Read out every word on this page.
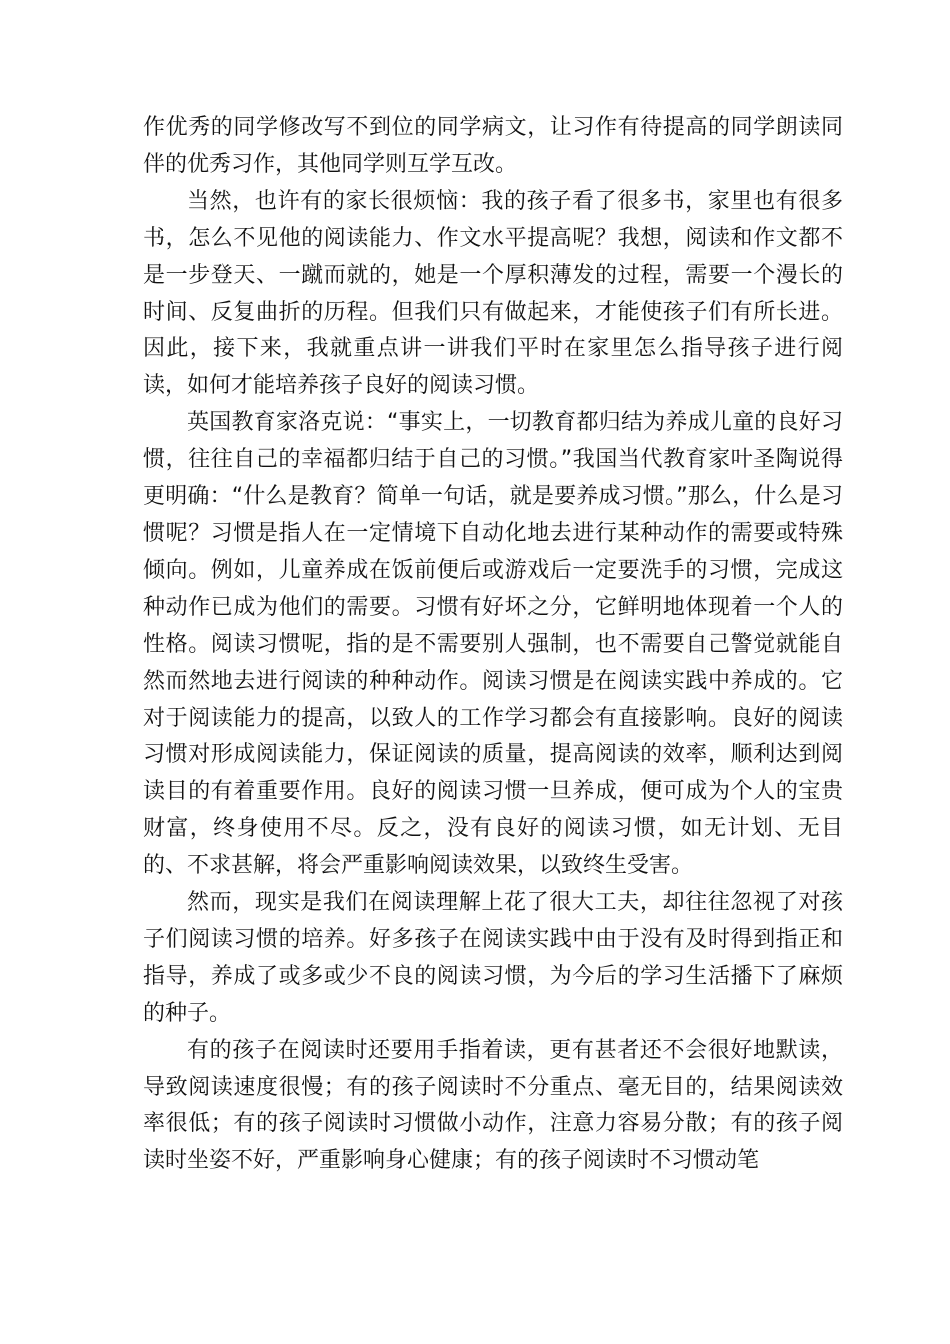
作优秀的同学修改写不到位的同学病文，让习作有待提高的同学朗读同伴的优秀习作，其他同学则互学互改。

当然，也许有的家长很烦恼：我的孩子看了很多书，家里也有很多书，怎么不见他的阅读能力、作文水平提高呢？我想，阅读和作文都不是一步登天、一蹴而就的，她是一个厚积薄发的过程，需要一个漫长的时间、反复曲折的历程。但我们只有做起来，才能使孩子们有所长进。因此，接下来，我就重点讲一讲我们平时在家里怎么指导孩子进行阅读，如何才能培养孩子良好的阅读习惯。

英国教育家洛克说：“事实上，一切教育都归结为养成儿童的良好习惯，往往自己的幸福都归结于自己的习惯。”我国当代教育家叶圣陶说得更明确：“什么是教育？简单一句话，就是要养成习惯。”那么，什么是习惯呢？习惯是指人在一定情境下自动化地去进行某种动作的需要或特殊倾向。例如，儿童养成在饭前便后或游戏后一定要洗手的习惯，完成这种动作已成为他们的需要。习惯有好坏之分，它鲜明地体现着一个人的性格。阅读习惯呢，指的是不需要别人强制，也不需要自己警觉就能自然而然地去进行阅读的种种动作。阅读习惯是在阅读实践中养成的。它对于阅读能力的提高，以致人的工作学习都会有直接影响。良好的阅读习惯对形成阅读能力，保证阅读的质量，提高阅读的效率，顺利达到阅读目的有着重要作用。良好的阅读习惯一旦养成，便可成为个人的宝贵财富，终身使用不尽。反之，没有良好的阅读习惯，如无计划、无目的、不求甚解，将会严重影响阅读效果，以致终生受害。

然而，现实是我们在阅读理解上花了很大工夫，却往往忽视了对孩子们阅读习惯的培养。好多孩子在阅读实践中由于没有及时得到指正和指导，养成了或多或少不良的阅读习惯，为今后的学习生活播下了麻烦的种子。

有的孩子在阅读时还要用手指着读，更有甚者还不会很好地默读，导致阅读速度很慢；有的孩子阅读时不分重点、毫无目的，结果阅读效率很低；有的孩子阅读时习惯做小动作，注意力容易分散；有的孩子阅读时坐姿不好，严重影响身心健康；有的孩子阅读时不习惯动笔
